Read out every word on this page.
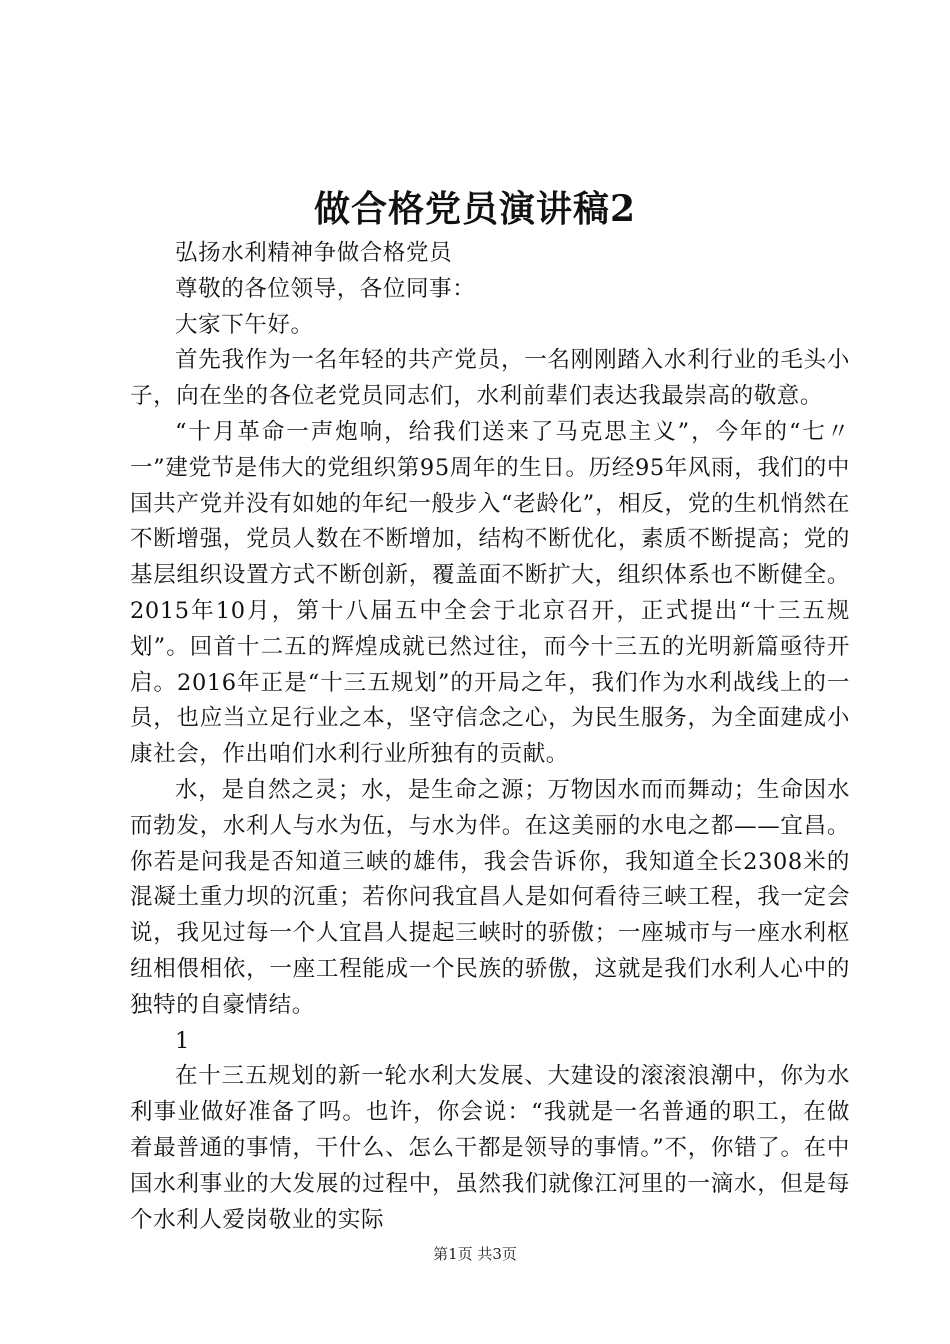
做合格党员演讲稿2

弘扬水利精神争做合格党员

尊敬的各位领导，各位同事：

大家下午好。

首先我作为一名年轻的共产党员，一名刚刚踏入水利行业的毛头小子，向在坐的各位老党员同志们，水利前辈们表达我最崇高的敬意。

“十月革命一声炮响，给我们送来了马克思主义”，今年的“七〃一”建党节是伟大的党组织第95周年的生日。历经95年风雨，我们的中国共产党并没有如她的年纪一般步入“老龄化”，相反，党的生机悄然在不断增强，党员人数在不断增加，结构不断优化，素质不断提高；党的基层组织设置方式不断创新，覆盖面不断扩大，组织体系也不断健全。2015年10月，第十八届五中全会于北京召开，正式提出“十三五规划”。回首十二五的辉煌成就已然过往，而今十三五的光明新篇亟待开启。2016年正是“十三五规划”的开局之年，我们作为水利战线上的一员，也应当立足行业之本，坚守信念之心，为民生服务，为全面建成小康社会，作出咱们水利行业所独有的贡献。

水，是自然之灵；水，是生命之源；万物因水而而舞动；生命因水而勃发，水利人与水为伍，与水为伴。在这美丽的水电之都——宜昌。你若是问我是否知道三峡的雄伟，我会告诉你，我知道全长2308米的混凝土重力坝的沉重；若你问我宜昌人是如何看待三峡工程，我一定会说，我见过每一个人宜昌人提起三峡时的骄傲；一座城市与一座水利枢纽相偎相依，一座工程能成一个民族的骄傲，这就是我们水利人心中的独特的自豪情结。

1

在十三五规划的新一轮水利大发展、大建设的滚滚浪潮中，你为水利事业做好准备了吗。也许，你会说：“我就是一名普通的职工，在做着最普通的事情，干什么、怎么干都是领导的事情。”不，你错了。在中国水利事业的大发展的过程中，虽然我们就像江河里的一滴水，但是每个水利人爱岗敬业的实际

第1页 共3页
